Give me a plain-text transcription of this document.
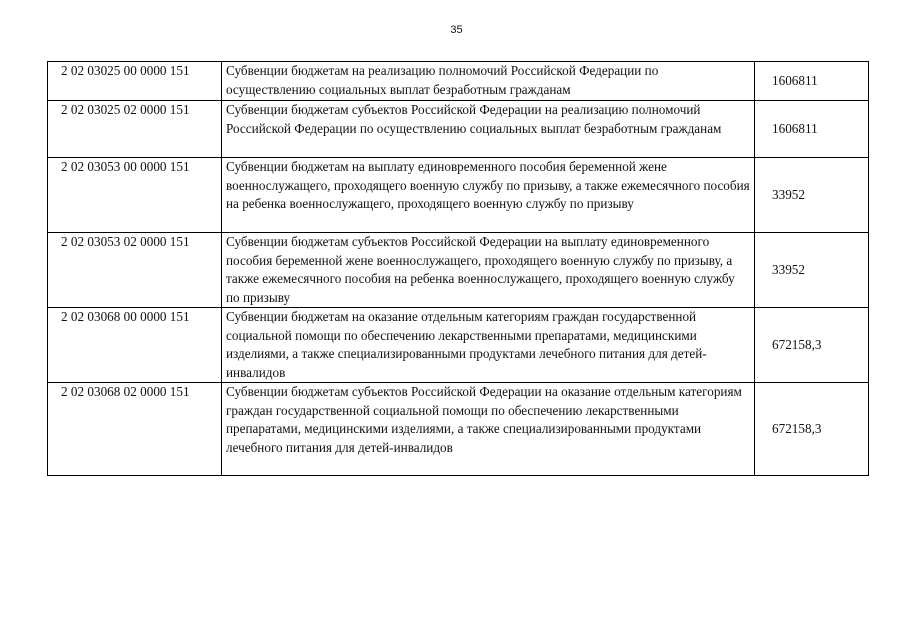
35
2 02 03025 00 0000 151	Субвенции бюджетам на реализацию полномочий Российской Федерации по осуществлению социальных выплат безработным гражданам	1606811
2 02 03025 02 0000 151	Субвенции бюджетам субъектов Российской Федерации на реализацию полномочий Российской Федерации по осуществлению социальных выплат безработным гражданам	1606811
2 02 03053 00 0000 151	Субвенции бюджетам на выплату единовременного пособия беременной жене военнослужащего, проходящего военную службу по призыву, а также ежемесячного пособия на ребенка военнослужащего, проходящего военную службу по призыву	33952
2 02 03053 02 0000 151	Субвенции бюджетам субъектов Российской Федерации на выплату единовременного пособия беременной жене военнослужащего, проходящего военную службу по призыву, а также ежемесячного пособия на ребенка военнослужащего, проходящего военную службу по призыву	33952
2 02 03068 00 0000 151	Субвенции бюджетам на оказание отдельным категориям граждан государственной социальной помощи по обеспечению лекарственными препаратами, медицинскими изделиями, а также специализированными продуктами лечебного питания для детей-инвалидов	672158,3
2 02 03068 02 0000 151	Субвенции бюджетам субъектов Российской Федерации на оказание отдельным категориям граждан государственной социальной помощи по обеспечению лекарственными препаратами, медицинскими изделиями, а также специализированными продуктами лечебного питания для детей-инвалидов	672158,3
